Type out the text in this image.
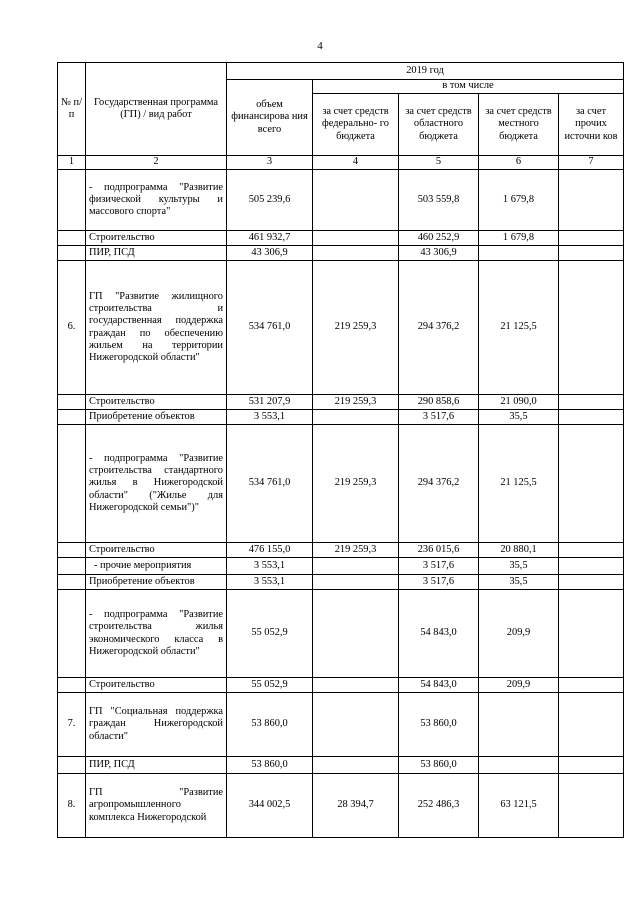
4
№ п/п	Государственная программа (ГП) / вид работ	2019 год				
		объем финансирова ния всего	в том числе			
			за счет средств федерально- го бюджета	за счет средств областного бюджета	за счет средств местного бюджета	за счет прочих источни ков
1	2	3	4	5	6	7
	- подпрограмма "Развитие физической культуры и массового спорта"	505 239,6		503 559,8	1 679,8	
	Строительство	461 932,7		460 252,9	1 679,8	
	ПИР, ПСД	43 306,9		43 306,9		
6.	ГП "Развитие жилищного строительства и государственная поддержка граждан по обеспечению жильем на территории Нижегородской области"	534 761,0	219 259,3	294 376,2	21 125,5	
	Строительство	531 207,9	219 259,3	290 858,6	21 090,0	
	Приобретение объектов	3 553,1		3 517,6	35,5	
	- подпрограмма "Развитие строительства стандартного жилья в Нижегородской области" ("Жилье для Нижегородской семьи")"	534 761,0	219 259,3	294 376,2	21 125,5	
	Строительство	476 155,0	219 259,3	236 015,6	20 880,1	
	- прочие мероприятия	3 553,1		3 517,6	35,5	
	Приобретение объектов	3 553,1		3 517,6	35,5	
	- подпрограмма "Развитие строительства жилья экономического класса в Нижегородской области"	55 052,9		54 843,0	209,9	
	Строительство	55 052,9		54 843,0	209,9	
7.	ГП "Социальная поддержка граждан Нижегородской области"	53 860,0		53 860,0		
	ПИР, ПСД	53 860,0		53 860,0		
8.	ГП "Развитие агропромышленного комплекса Нижегородской	344 002,5	28 394,7	252 486,3	63 121,5	
